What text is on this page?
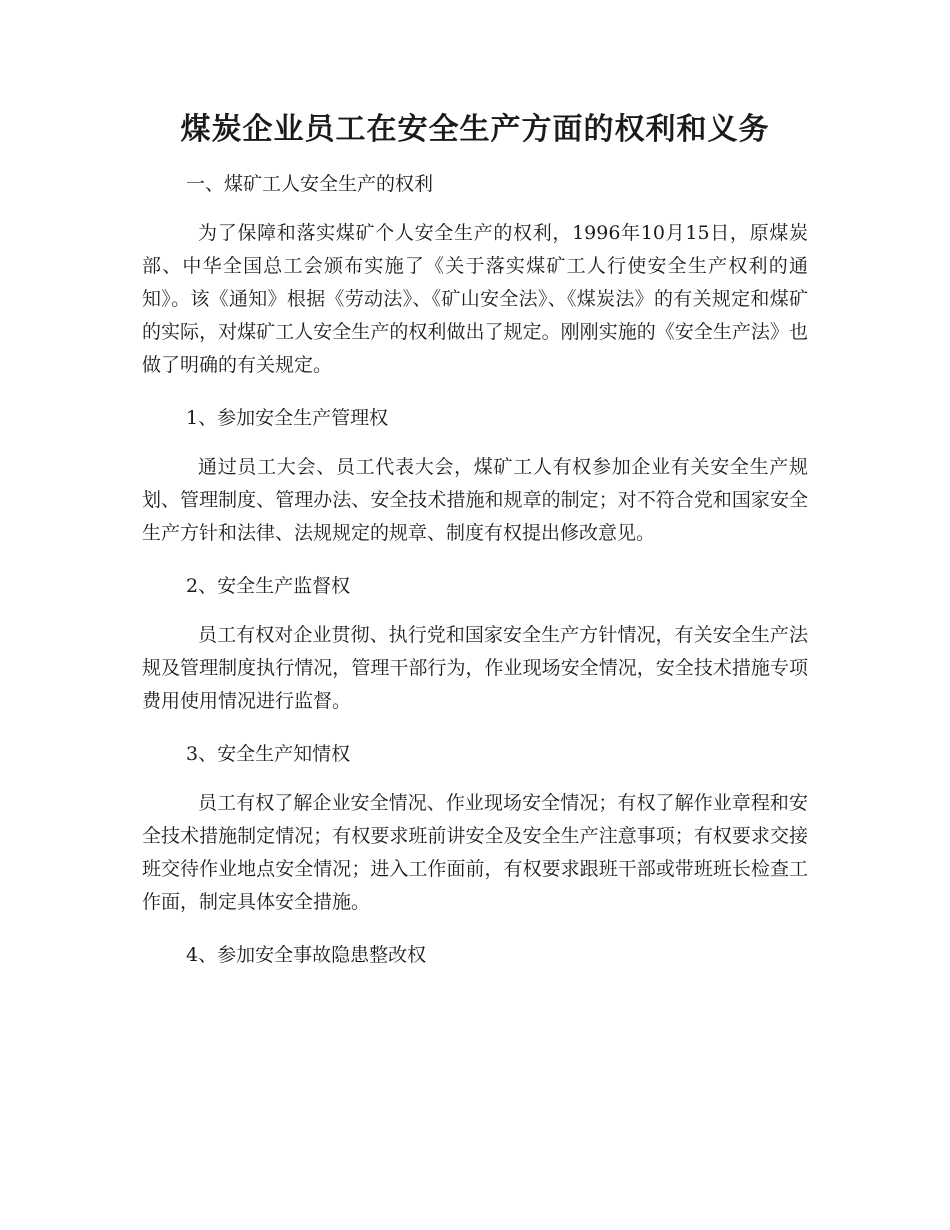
煤炭企业员工在安全生产方面的权利和义务

一、煤矿工人安全生产的权利

为了保障和落实煤矿个人安全生产的权利，1996年10月15日，原煤炭部、中华全国总工会颁布实施了《关于落实煤矿工人行使安全生产权利的通知》。该《通知》根据《劳动法》、《矿山安全法》、《煤炭法》的有关规定和煤矿的实际，对煤矿工人安全生产的权利做出了规定。刚刚实施的《安全生产法》也做了明确的有关规定。

1、参加安全生产管理权

通过员工大会、员工代表大会，煤矿工人有权参加企业有关安全生产规划、管理制度、管理办法、安全技术措施和规章的制定；对不符合党和国家安全生产方针和法律、法规规定的规章、制度有权提出修改意见。

2、安全生产监督权

员工有权对企业贯彻、执行党和国家安全生产方针情况，有关安全生产法规及管理制度执行情况，管理干部行为，作业现场安全情况，安全技术措施专项费用使用情况进行监督。

3、安全生产知情权

员工有权了解企业安全情况、作业现场安全情况；有权了解作业章程和安全技术措施制定情况；有权要求班前讲安全及安全生产注意事项；有权要求交接班交待作业地点安全情况；进入工作面前，有权要求跟班干部或带班班长检查工作面，制定具体安全措施。

4、参加安全事故隐患整改权
